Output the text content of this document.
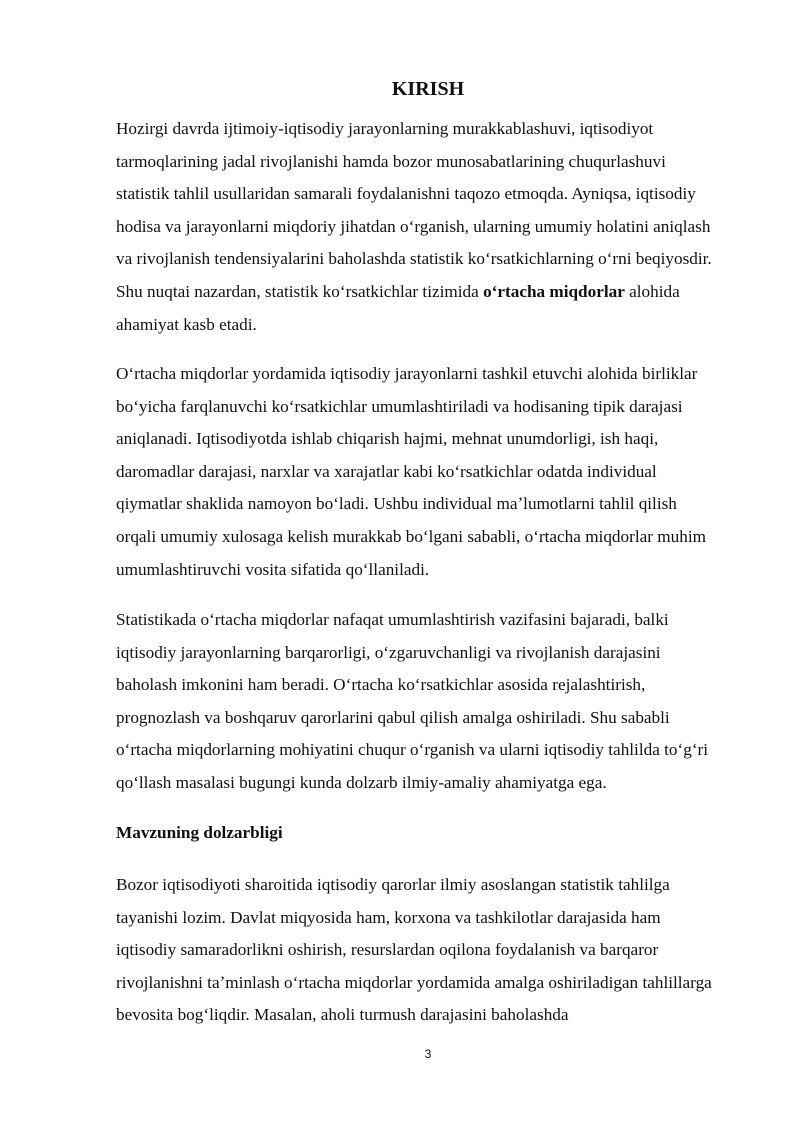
KIRISH

Hozirgi davrda ijtimoiy-iqtisodiy jarayonlarning murakkablashuvi, iqtisodiyot tarmoqlarining jadal rivojlanishi hamda bozor munosabatlarining chuqurlashuvi statistik tahlil usullaridan samarali foydalanishni taqozo etmoqda. Ayniqsa, iqtisodiy hodisa va jarayonlarni miqdoriy jihatdan oʻrganish, ularning umumiy holatini aniqlash va rivojlanish tendensiyalarini baholashda statistik koʻrsatkichlarning oʻrni beqiyosdir. Shu nuqtai nazardan, statistik koʻrsatkichlar tizimida oʻrtacha miqdorlar alohida ahamiyat kasb etadi.

Oʻrtacha miqdorlar yordamida iqtisodiy jarayonlarni tashkil etuvchi alohida birliklar boʻyicha farqlanuvchi koʻrsatkichlar umumlashtiriladi va hodisaning tipik darajasi aniqlanadi. Iqtisodiyotda ishlab chiqarish hajmi, mehnat unumdorligi, ish haqi, daromadlar darajasi, narxlar va xarajatlar kabi koʻrsatkichlar odatda individual qiymatlar shaklida namoyon boʻladi. Ushbu individual maʼlumotlarni tahlil qilish orqali umumiy xulosaga kelish murakkab boʻlgani sababli, oʻrtacha miqdorlar muhim umumlashtiruvchi vosita sifatida qoʻllaniladi.

Statistikada oʻrtacha miqdorlar nafaqat umumlashtirish vazifasini bajaradi, balki iqtisodiy jarayonlarning barqarorligi, oʻzgaruvchanligi va rivojlanish darajasini baholash imkonini ham beradi. Oʻrtacha koʻrsatkichlar asosida rejalashtirish, prognozlash va boshqaruv qarorlarini qabul qilish amalga oshiriladi. Shu sababli oʻrtacha miqdorlarning mohiyatini chuqur oʻrganish va ularni iqtisodiy tahlilda toʻgʻri qoʻllash masalasi bugungi kunda dolzarb ilmiy-amaliy ahamiyatga ega.

Mavzuning dolzarbligi

Bozor iqtisodiyoti sharoitida iqtisodiy qarorlar ilmiy asoslangan statistik tahlilga tayanishi lozim. Davlat miqyosida ham, korxona va tashkilotlar darajasida ham iqtisodiy samaradorlikni oshirish, resurslardan oqilona foydalanish va barqaror rivojlanishni taʼminlash oʻrtacha miqdorlar yordamida amalga oshiriladigan tahlillarga bevosita bogʻliqdir. Masalan, aholi turmush darajasini baholashda

3
